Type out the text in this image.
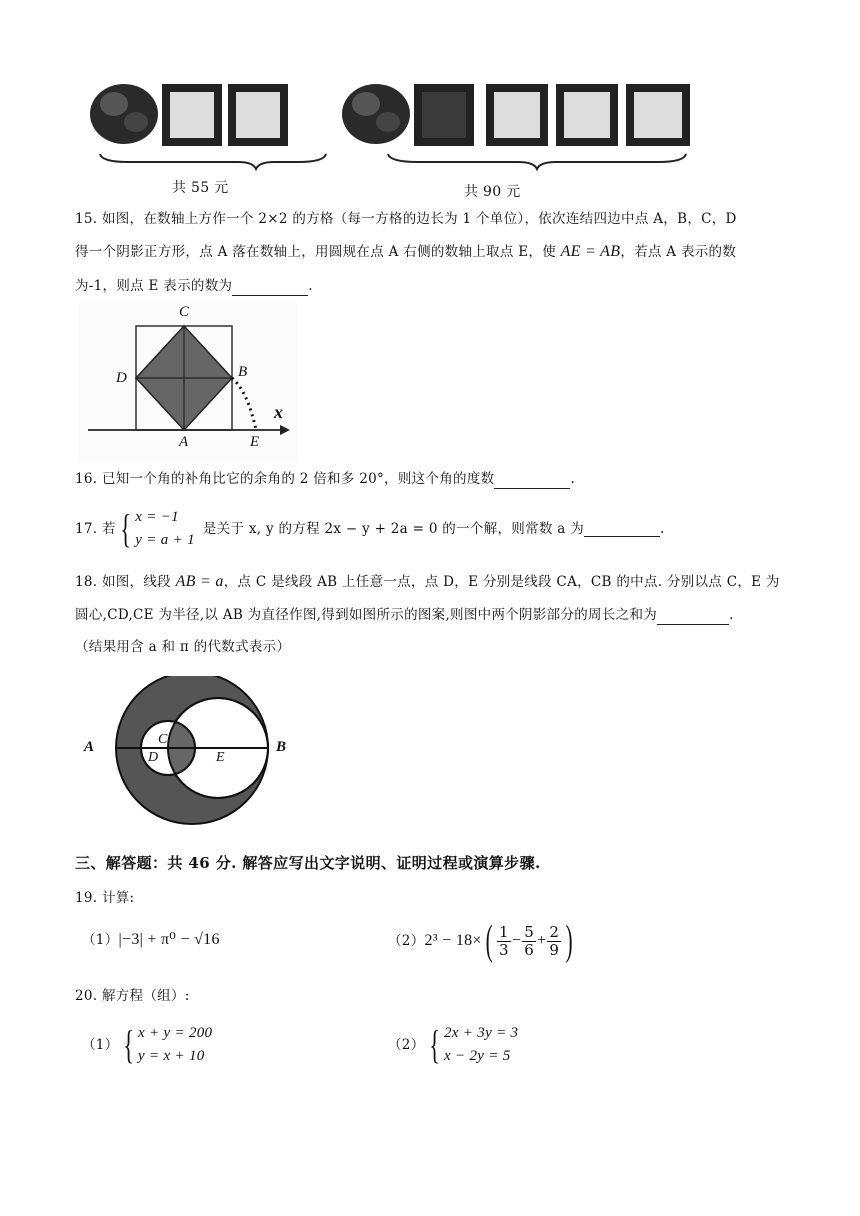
共 55 元	共 90 元
15. 如图，在数轴上方作一个 2×2 的方格（每一方格的边长为 1 个单位），依次连结四边中点 A，B，C，D
得一个阴影正方形，点 A 落在数轴上，用圆规在点 A 右侧的数轴上取点 E，使 AE = AB，若点 A 表示的数
为-1，则点 E 表示的数为	.
C
D	B
A	E
x
16. 已知一个角的补角比它的余角的 2 倍和多 20°，则这个角的度数	.
17. 若 { x = −1
y = a + 1
是关于 x, y 的方程 2x − y + 2a = 0 的一个解，则常数 a 为	.
18. 如图，线段 AB = a，点 C 是线段 AB 上任意一点，点 D，E 分别是线段 CA，CB 的中点. 分别以点 C，E 为
圆心,CD,CE 为半径,以 AB 为直径作图,得到如图所示的图案,则图中两个阴影部分的周长之和为	.
（结果用含 a 和 π 的代数式表示）
A	B
C
D	E
三、解答题：共 46 分. 解答应写出文字说明、证明过程或演算步骤.
19. 计算:
（1）|−3| + π⁰ − √16	（2） 2³ − 18× ( $\frac{1}{3} - \frac{5}{6} + \frac{2}{9}$ )
20. 解方程（组）:
（1） { x + y = 200
y = x + 10
（2） { 2x + 3y = 3
x − 2y = 5
